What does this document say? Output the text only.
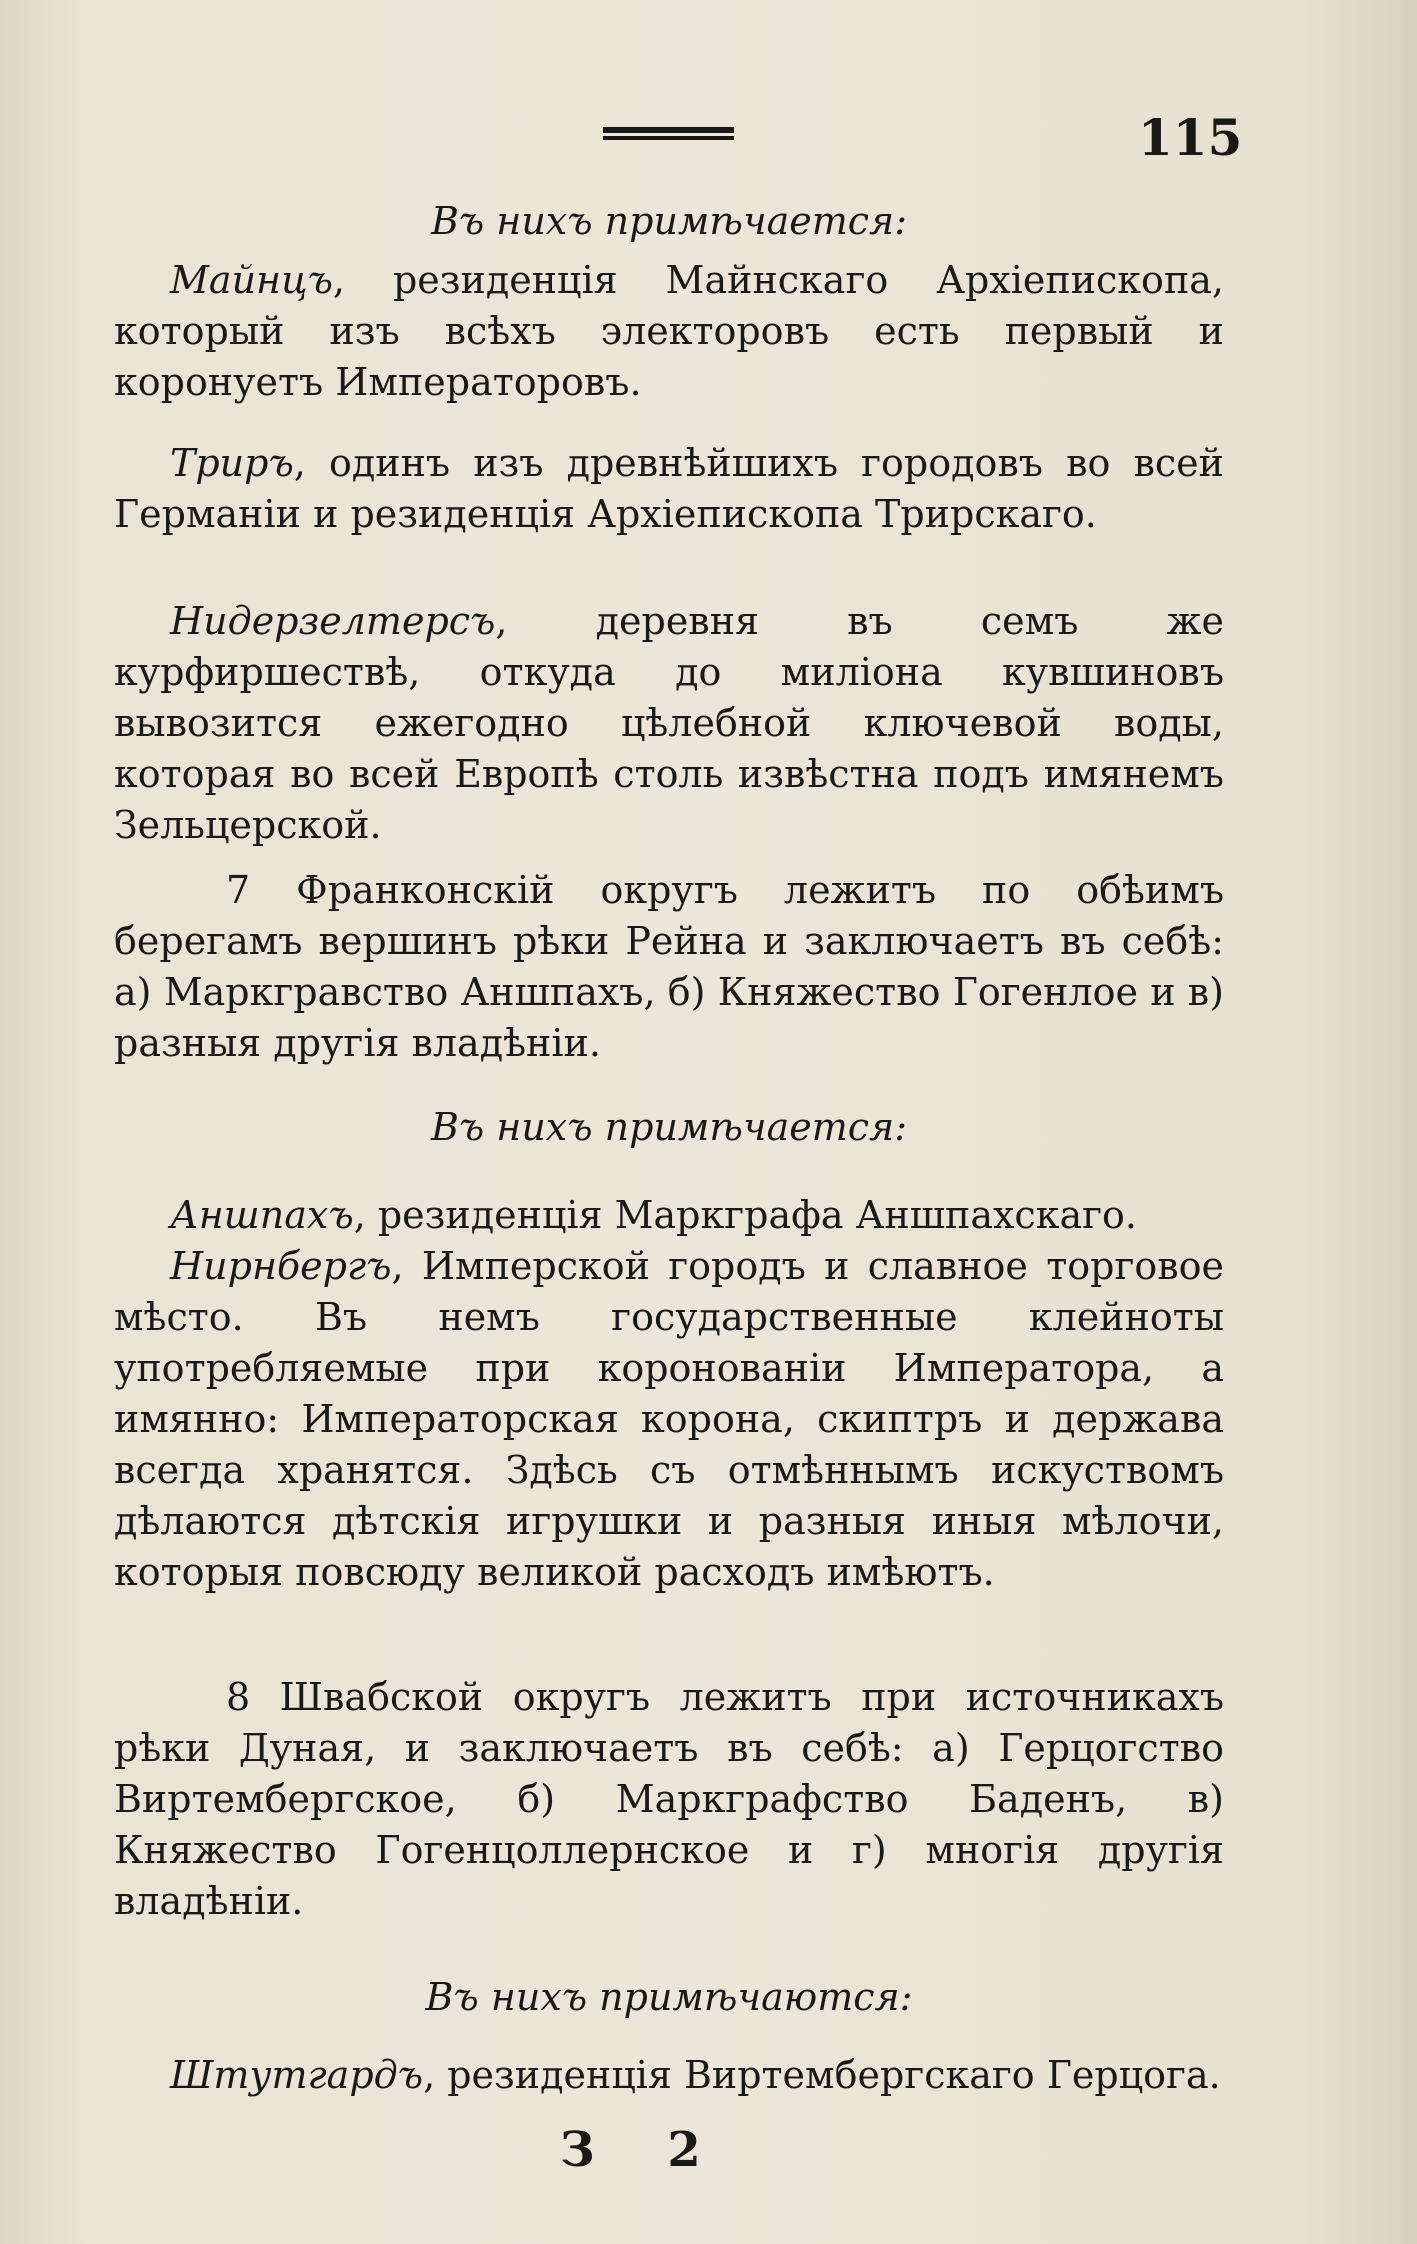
115
Въ нихъ примѣчается:

Майнцъ, резиденція Майнскаго Архіепископа, который изъ всѣхъ электоровъ есть первый и коронуетъ Императоровъ.

Триръ, одинъ изъ древнѣйшихъ городовъ во всей Германіи и резиденція Архіепископа Трирскаго.

Нидерзелтерсъ, деревня въ семъ же курфиршествѣ, откуда до миліона кувшиновъ вывозится ежегодно цѣлебной ключевой воды, которая во всей Европѣ столь извѣстна подъ имянемъ Зельцерской.

7 Франконскій округъ лежитъ по обѣимъ берегамъ вершинъ рѣки Рейна и заключаетъ въ себѣ: а) Маркгравство Аншпахъ, б) Княжество Гогенлое и в) разныя другія владѣніи.

Въ нихъ примѣчается:

Аншпахъ, резиденція Маркграфа Аншпахскаго.

Нирнбергъ, Имперской городъ и славное торговое мѣсто. Въ немъ государственные клейноты употребляемые при коронованіи Императора, а имянно: Императорская корона, скиптръ и держава всегда хранятся. Здѣсь съ отмѣннымъ искуствомъ дѣлаются дѣтскія игрушки и разныя иныя мѣлочи, которыя повсюду великой расходъ имѣютъ.

8 Швабской округъ лежитъ при источникахъ рѣки Дуная, и заключаетъ въ себѣ: а) Герцогство Виртембергское, б) Маркграфство Баденъ, в) Княжество Гогенцоллернское и г) многія другія владѣніи.

Въ нихъ примѣчаются:

Штутгардъ, резиденція Виртембергскаго Герцога.

З 2
